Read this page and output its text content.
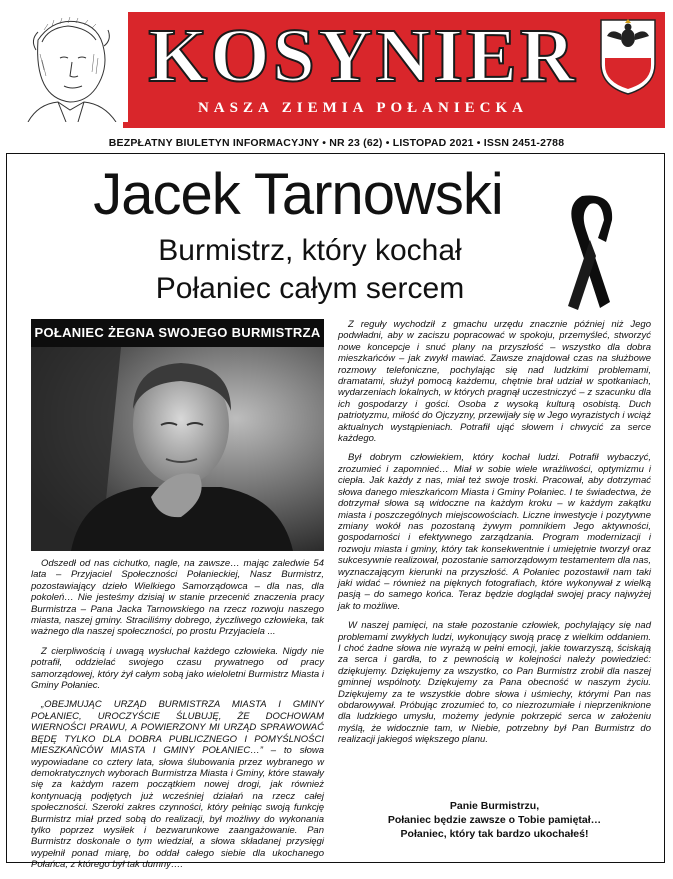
KOSYNIER
NASZA ZIEMIA POŁANIECKA
BEZPŁATNY BIULETYN INFORMACYJNY • NR 23 (62) • LISTOPAD 2021 • ISSN 2451-2788
Jacek Tarnowski
Burmistrz, który kochał
Połaniec całym sercem
POŁANIEC ŻEGNA SWOJEGO BURMISTRZA

Odszedł od nas cichutko, nagle, na zawsze… mając zaledwie 54 lata – Przyjaciel Społeczności Połanieckiej, Nasz Burmistrz, pozostawiający dzieło Wielkiego Samorządowca – dla nas, dla pokoleń… Nie jesteśmy dzisiaj w stanie przecenić znaczenia pracy Burmistrza – Pana Jacka Tarnowskiego na rzecz rozwoju naszego miasta, naszej gminy. Straciliśmy dobrego, życzliwego człowieka, tak ważnego dla naszej społeczności, po prostu Przyjaciela ...

Z cierpliwością i uwagą wysłuchał każdego człowieka. Nigdy nie potrafił, oddzielać swojego czasu prywatnego od pracy samorządowej, który żył całym sobą jako wieloletni Burmistrz Miasta i Gminy Połaniec.

„OBEJMUJĄC URZĄD BURMISTRZA MIASTA I GMINY POŁANIEC, UROCZYŚCIE ŚLUBUJĘ, ŻE DOCHOWAM WIERNOŚCI PRAWU, A POWIERZONY MI URZĄD SPRAWOWAĆ BĘDĘ TYLKO DLA DOBRA PUBLICZNEGO I POMYŚLNOŚCI MIESZKAŃCÓW MIASTA I GMINY POŁANIEC…” – to słowa wypowiadane co cztery lata, słowa ślubowania przez wybranego w demokratycznych wyborach Burmistrza Miasta i Gminy, które stawały się za każdym razem początkiem nowej drogi, jak również kontynuacją podjętych już wcześniej działań na rzecz całej społeczności. Szeroki zakres czynności, który pełniąc swoją funkcję Burmistrz miał przed sobą do realizacji, był możliwy do wykonania tylko poprzez wysiłek i bezwarunkowe zaangażowanie. Pan Burmistrz doskonale o tym wiedział, a słowa składanej przysięgi wypełnił ponad miarę, bo oddał całego siebie dla ukochanego Połańca, z którego był tak dumny….

Z reguły wychodził z gmachu urzędu znacznie później niż Jego podwładni, aby w zaciszu popracować w spokoju, przemyśleć, stworzyć nowe koncepcje i snuć plany na przyszłość – wszystko dla dobra mieszkańców – jak zwykł mawiać. Zawsze znajdował czas na służbowe rozmowy telefoniczne, pochylając się nad ludzkimi problemami, dramatami, służył pomocą każdemu, chętnie brał udział w spotkaniach, wydarzeniach lokalnych, w których pragnął uczestniczyć – z szacunku dla ich gospodarzy i gości. Osoba z wysoką kulturą osobistą. Duch patriotyzmu, miłość do Ojczyzny, przewijały się w Jego wyrazistych i wciąż aktualnych wystąpieniach. Potrafił ująć słowem i chwycić za serce każdego.

Był dobrym człowiekiem, który kochał ludzi. Potrafił wybaczyć, zrozumieć i zapomnieć… Miał w sobie wiele wrażliwości, optymizmu i ciepła. Jak każdy z nas, miał też swoje troski. Pracował, aby dotrzymać słowa danego mieszkańcom Miasta i Gminy Połaniec. I te świadectwa, że dotrzymał słowa są widoczne na każdym kroku – w każdym zakątku miasta i poszczególnych miejscowościach. Liczne inwestycje i pozytywne zmiany wokół nas pozostaną żywym pomnikiem Jego aktywności, gospodarności i efektywnego zarządzania. Program modernizacji i rozwoju miasta i gminy, który tak konsekwentnie i umiejętnie tworzył oraz sukcesywnie realizował, pozostanie samorządowym testamentem dla nas, wyznaczającym kierunki na przyszłość. A Połaniec pozostawił nam taki jaki widać – również na pięknych fotografiach, które wykonywał z wielką pasją – do samego końca. Teraz będzie doglądał swojej pracy najwyżej jak to możliwe.

W naszej pamięci, na stałe pozostanie człowiek, pochylający się nad problemami zwykłych ludzi, wykonujący swoją pracę z wielkim oddaniem. I choć żadne słowa nie wyrażą w pełni emocji, jakie towarzyszą, ściskają za serca i gardła, to z pewnością w kolejności należy powiedzieć: dziękujemy. Dziękujemy za wszystko, co Pan Burmistrz zrobił dla naszej gminnej wspólnoty. Dziękujemy za Pana obecność w naszym życiu. Dziękujemy za te wszystkie dobre słowa i uśmiechy, którymi Pan nas obdarowywał. Próbując zrozumieć to, co niezrozumiałe i nieprzeniknione dla ludzkiego umysłu, możemy jedynie pokrzepić serca w założeniu myślą, że widocznie tam, w Niebie, potrzebny był Pan Burmistrz do realizacji jakiegoś większego planu.

Panie Burmistrzu,
Połaniec będzie zawsze o Tobie pamiętał…
Połaniec, który tak bardzo ukochałeś!
